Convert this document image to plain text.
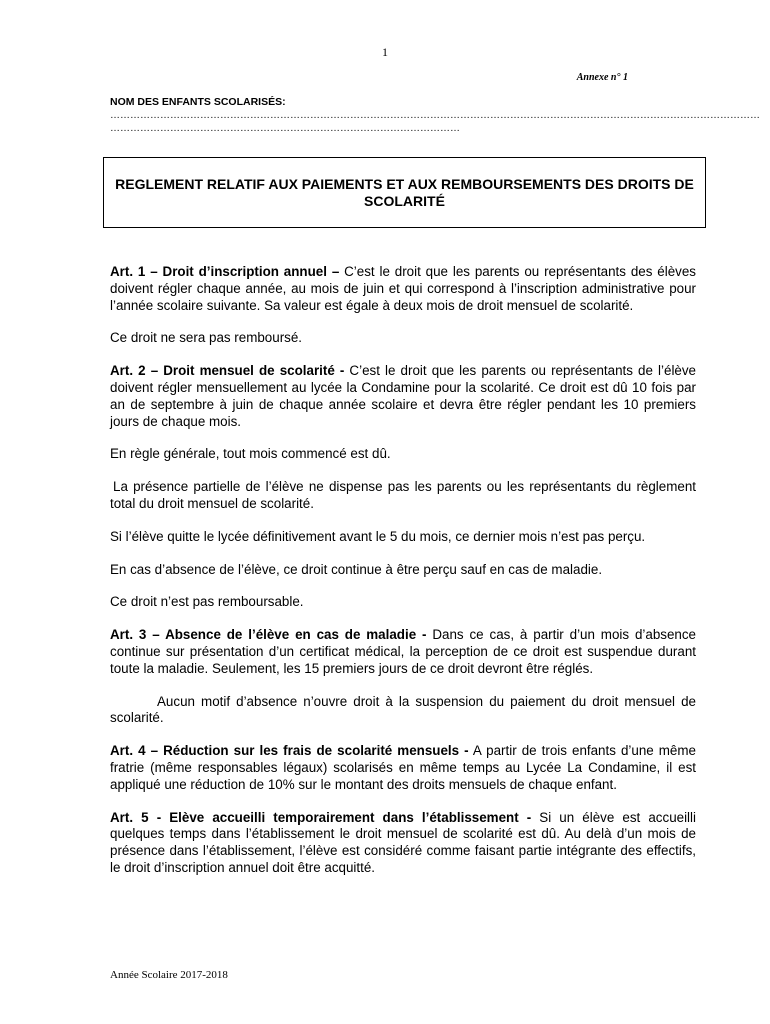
1
Annexe n° 1
NOM DES ENFANTS SCOLARISÉS:
……………………………………………………………………………………………………………………………………………………………………………
……………………………………………………………………………………………
REGLEMENT RELATIF AUX PAIEMENTS ET AUX REMBOURSEMENTS DES DROITS DE SCOLARITÉ

Art. 1 – Droit d’inscription annuel – C’est le droit que les parents ou représentants des élèves doivent régler chaque année, au mois de juin et qui correspond à l’inscription administrative pour l’année scolaire suivante. Sa valeur est égale à deux mois de droit mensuel de scolarité.

Ce droit ne sera pas remboursé.

Art. 2 – Droit mensuel de scolarité - C’est le droit que les parents ou représentants de l’élève doivent régler mensuellement au lycée la Condamine pour la scolarité. Ce droit est dû 10 fois par an de septembre à juin de chaque année scolaire et devra être régler pendant les 10 premiers jours de chaque mois.

En règle générale, tout mois commencé est dû.

La présence partielle de l’élève ne dispense pas les parents ou les représentants du règlement total du droit mensuel de scolarité.

Si l’élève quitte le lycée définitivement avant le 5 du mois, ce dernier mois n’est pas perçu.

En cas d’absence de l’élève, ce droit continue à être perçu sauf en cas de maladie.

Ce droit n’est pas remboursable.

Art. 3 – Absence de l’élève en cas de maladie - Dans ce cas, à partir d’un mois d’absence continue sur présentation d’un certificat médical, la perception de ce droit est suspendue durant toute la maladie. Seulement, les 15 premiers jours de ce droit devront être réglés.

Aucun motif d’absence n’ouvre droit à la suspension du paiement du droit mensuel de scolarité.

Art. 4 – Réduction sur les frais de scolarité mensuels - A partir de trois enfants d’une même fratrie (même responsables légaux) scolarisés en même temps au Lycée La Condamine, il est appliqué une réduction de 10% sur le montant des droits mensuels de chaque enfant.

Art. 5 - Elève accueilli temporairement dans l’établissement - Si un élève est accueilli quelques temps dans l’établissement le droit mensuel de scolarité est dû. Au delà d’un mois de présence dans l’établissement, l’élève est considéré comme faisant partie intégrante des effectifs, le droit d’inscription annuel doit être acquitté.

Année Scolaire 2017-2018
